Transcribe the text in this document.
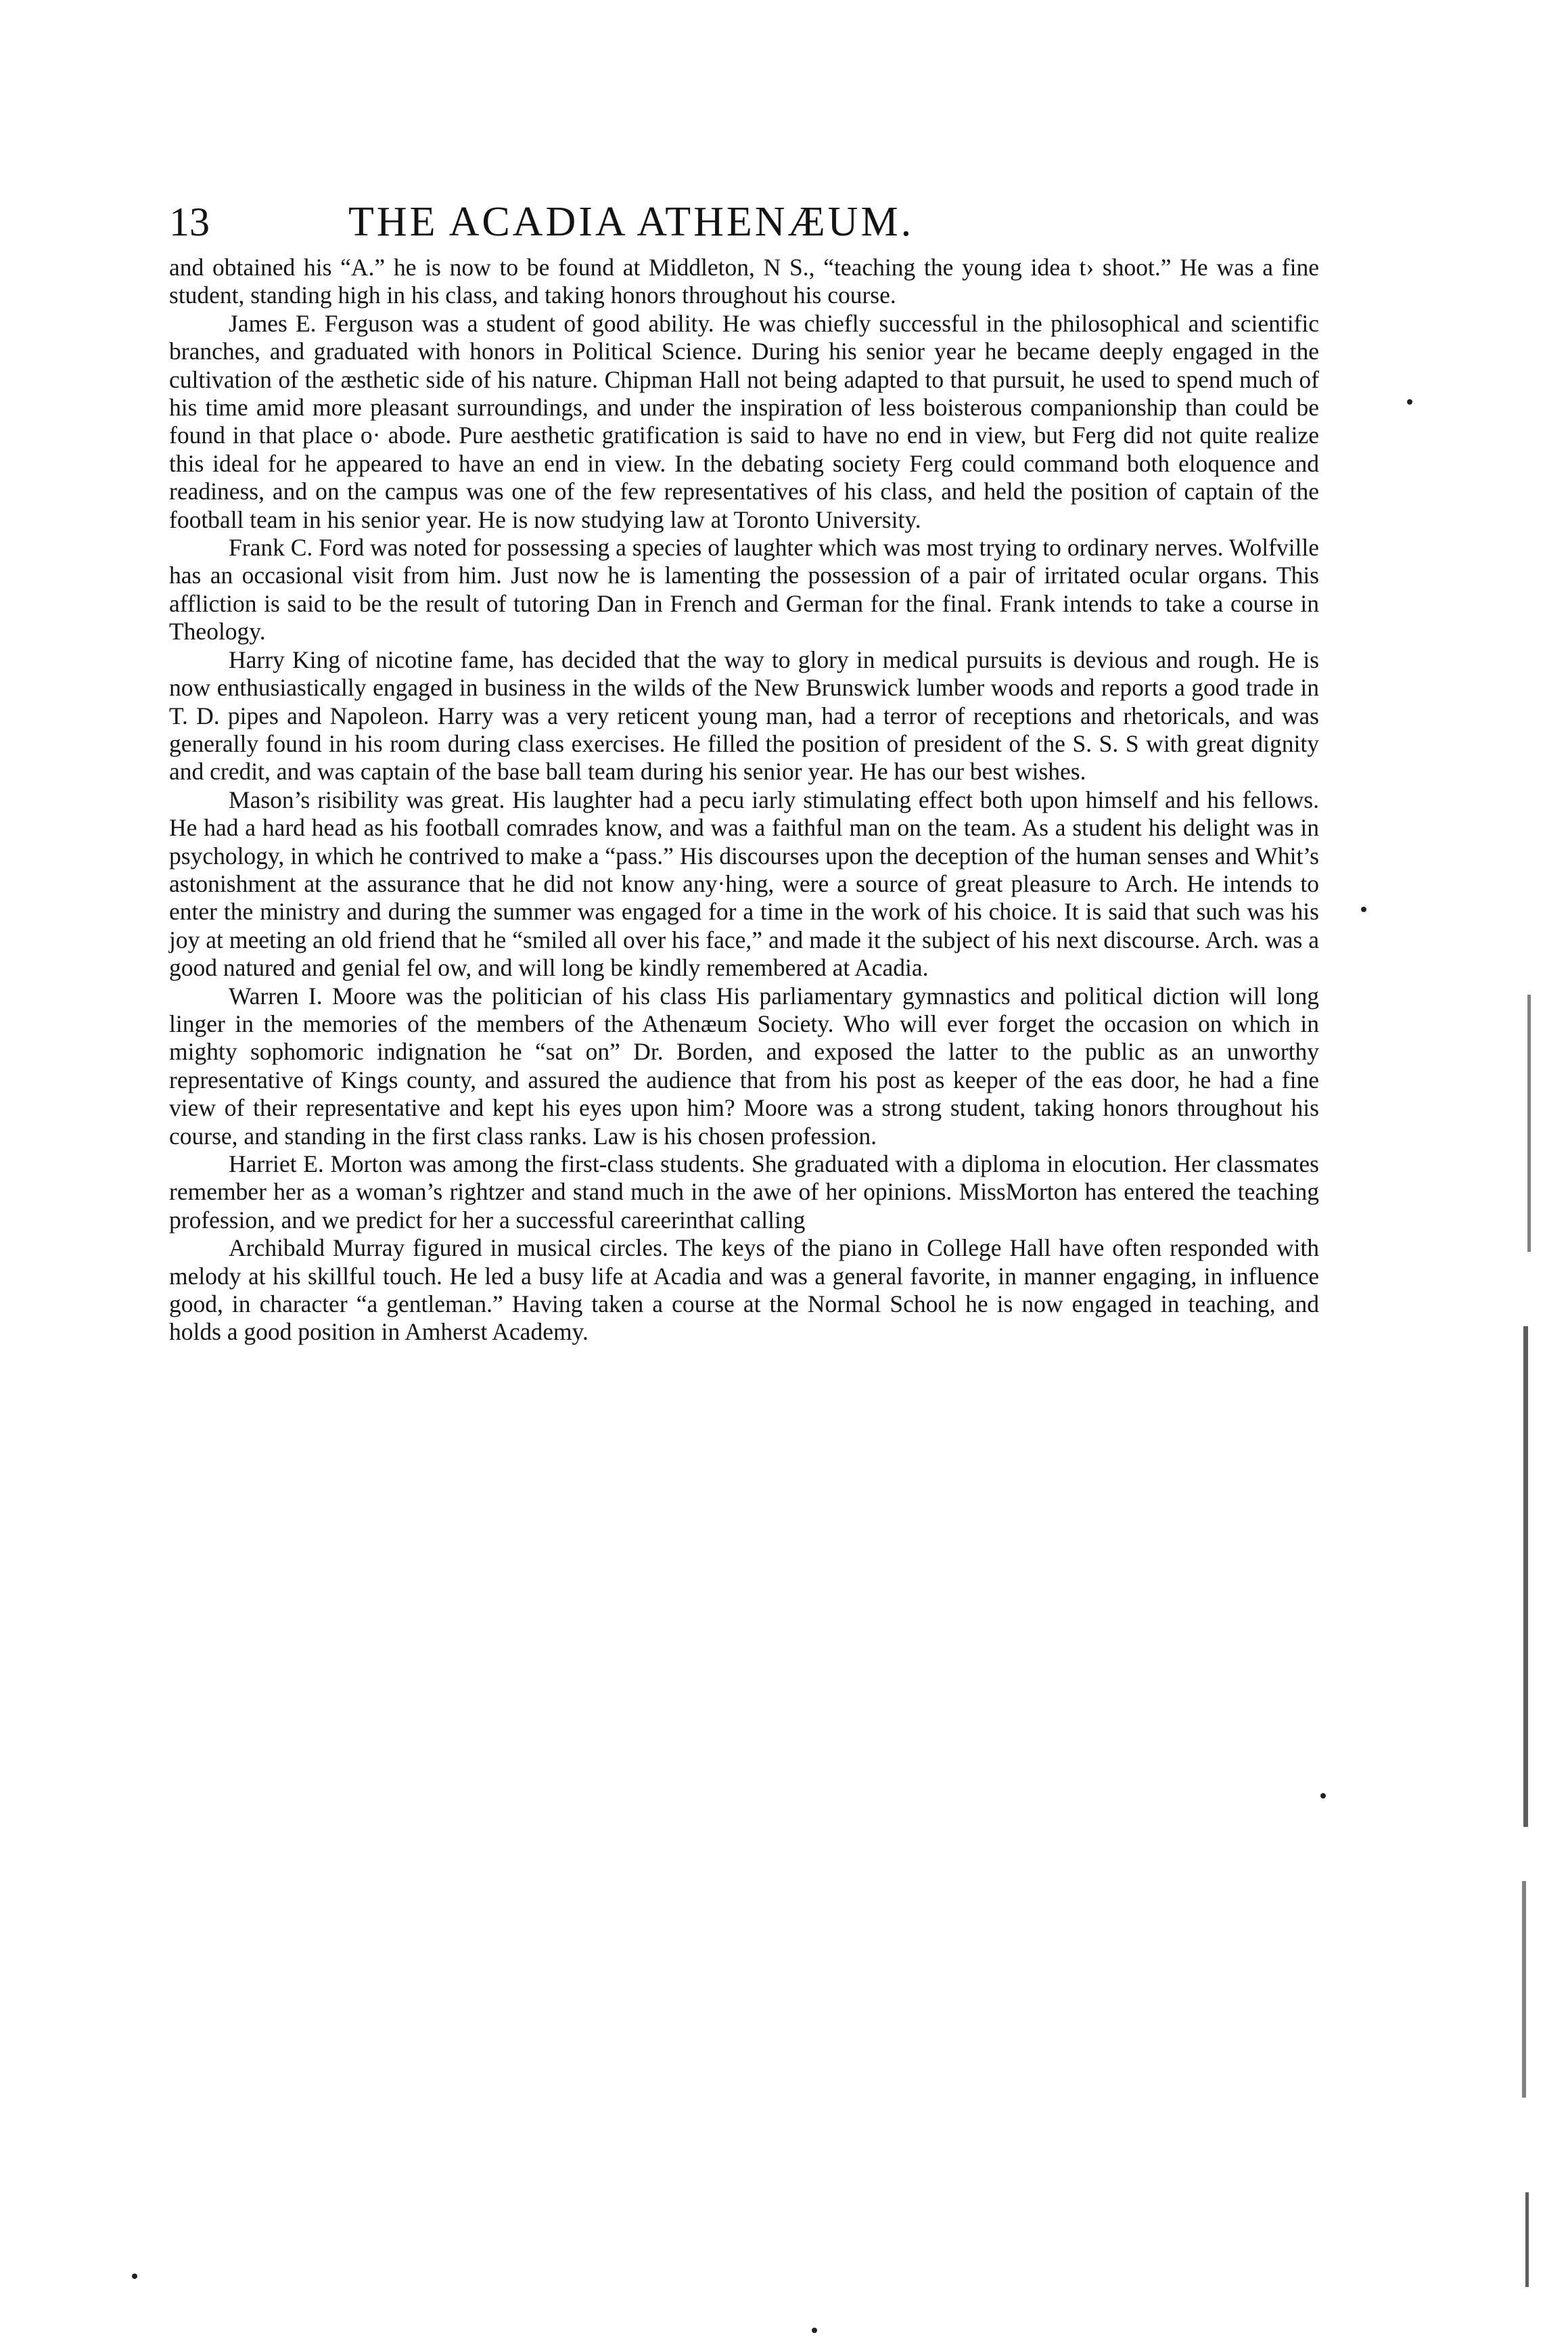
13	THE ACADIA ATHENÆUM.

and obtained his “A.” he is now to be found at Middleton, N S., “teaching the young idea t› shoot.” He was a fine student, standing high in his class, and taking honors throughout his course.

James E. Ferguson was a student of good ability. He was chiefly successful in the philosophical and scientific branches, and graduated with honors in Political Science. During his senior year he became deeply engaged in the cultivation of the æsthetic side of his nature. Chipman Hall not being adapted to that pursuit, he used to spend much of his time amid more pleasant surroundings, and under the inspiration of less boisterous companionship than could be found in that place o· abode. Pure aesthetic gratification is said to have no end in view, but Ferg did not quite realize this ideal for he appeared to have an end in view. In the debating society Ferg could command both eloquence and readiness, and on the campus was one of the few representatives of his class, and held the position of captain of the football team in his senior year. He is now studying law at Toronto University.

Frank C. Ford was noted for possessing a species of laughter which was most trying to ordinary nerves. Wolfville has an occasional visit from him. Just now he is lamenting the possession of a pair of irritated ocular organs. This affliction is said to be the result of tutoring Dan in French and German for the final. Frank intends to take a course in Theology.

Harry King of nicotine fame, has decided that the way to glory in medical pursuits is devious and rough. He is now enthusiastically engaged in business in the wilds of the New Brunswick lumber woods and reports a good trade in T. D. pipes and Napoleon. Harry was a very reticent young man, had a terror of receptions and rhetoricals, and was generally found in his room during class exercises. He filled the position of president of the S. S. S with great dignity and credit, and was captain of the base ball team during his senior year. He has our best wishes.

Mason’s risibility was great. His laughter had a pecu iarly stimulating effect both upon himself and his fellows. He had a hard head as his football comrades know, and was a faithful man on the team. As a student his delight was in psychology, in which he contrived to make a “pass.” His discourses upon the deception of the human senses and Whit’s astonishment at the assurance that he did not know any·hing, were a source of great pleasure to Arch. He intends to enter the ministry and during the summer was engaged for a time in the work of his choice. It is said that such was his joy at meeting an old friend that he “smiled all over his face,” and made it the subject of his next discourse. Arch. was a good natured and genial fel ow, and will long be kindly remembered at Acadia.

Warren I. Moore was the politician of his class His parliamentary gymnastics and political diction will long linger in the memories of the members of the Athenæum Society. Who will ever forget the occasion on which in mighty sophomoric indignation he “sat on” Dr. Borden, and exposed the latter to the public as an unworthy representative of Kings county, and assured the audience that from his post as keeper of the eas door, he had a fine view of their representative and kept his eyes upon him? Moore was a strong student, taking honors throughout his course, and standing in the first class ranks. Law is his chosen profession.

Harriet E. Morton was among the first-class students. She graduated with a diploma in elocution. Her classmates remember her as a woman’s rightzer and stand much in the awe of her opinions. MissMorton has entered the teaching profession, and we predict for her a successful careerinthat calling

Archibald Murray figured in musical circles. The keys of the piano in College Hall have often responded with melody at his skillful touch. He led a busy life at Acadia and was a general favorite, in manner engaging, in influence good, in character “a gentleman.” Having taken a course at the Normal School he is now engaged in teaching, and holds a good position in Amherst Academy.
